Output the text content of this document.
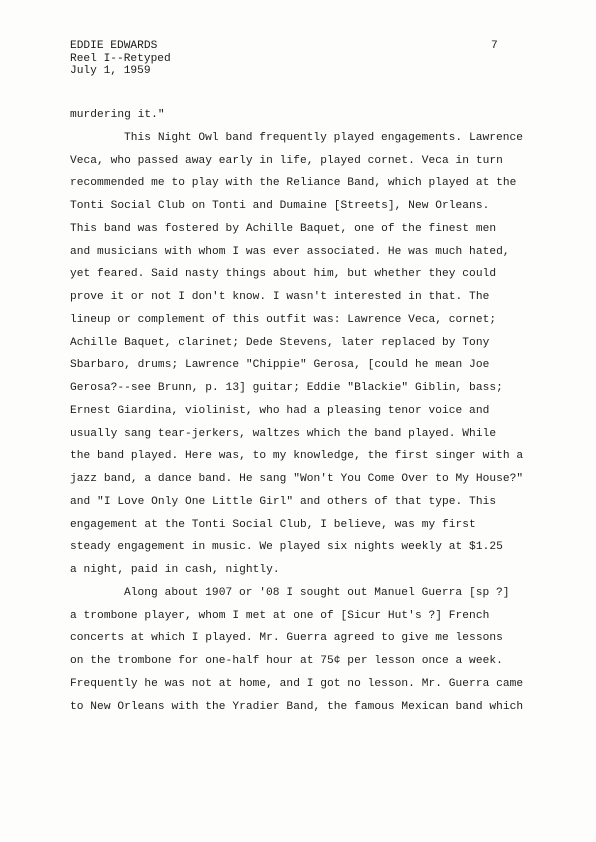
EDDIE EDWARDS
Reel I--Retyped
July 1, 1959
7
murdering it."
This Night Owl band frequently played engagements. Lawrence
Veca, who passed away early in life, played cornet. Veca in turn
recommended me to play with the Reliance Band, which played at the
Tonti Social Club on Tonti and Dumaine [Streets], New Orleans.
This band was fostered by Achille Baquet, one of the finest men
and musicians with whom I was ever associated. He was much hated,
yet feared. Said nasty things about him, but whether they could
prove it or not I don't know. I wasn't interested in that. The
lineup or complement of this outfit was: Lawrence Veca, cornet;
Achille Baquet, clarinet; Dede Stevens, later replaced by Tony
Sbarbaro, drums; Lawrence "Chippie" Gerosa, [could he mean Joe
Gerosa?--see Brunn, p. 13] guitar; Eddie "Blackie" Giblin, bass;
Ernest Giardina, violinist, who had a pleasing tenor voice and
usually sang tear-jerkers, waltzes which the band played. While
the band played. Here was, to my knowledge, the first singer with a
jazz band, a dance band. He sang "Won't You Come Over to My House?"
and "I Love Only One Little Girl" and others of that type. This
engagement at the Tonti Social Club, I believe, was my first
steady engagement in music. We played six nights weekly at $1.25
a night, paid in cash, nightly.
Along about 1907 or '08 I sought out Manuel Guerra [sp ?]
a trombone player, whom I met at one of [Sicur Hut's ?] French
concerts at which I played. Mr. Guerra agreed to give me lessons
on the trombone for one-half hour at 75¢ per lesson once a week.
Frequently he was not at home, and I got no lesson. Mr. Guerra came
to New Orleans with the Yradier Band, the famous Mexican band which
